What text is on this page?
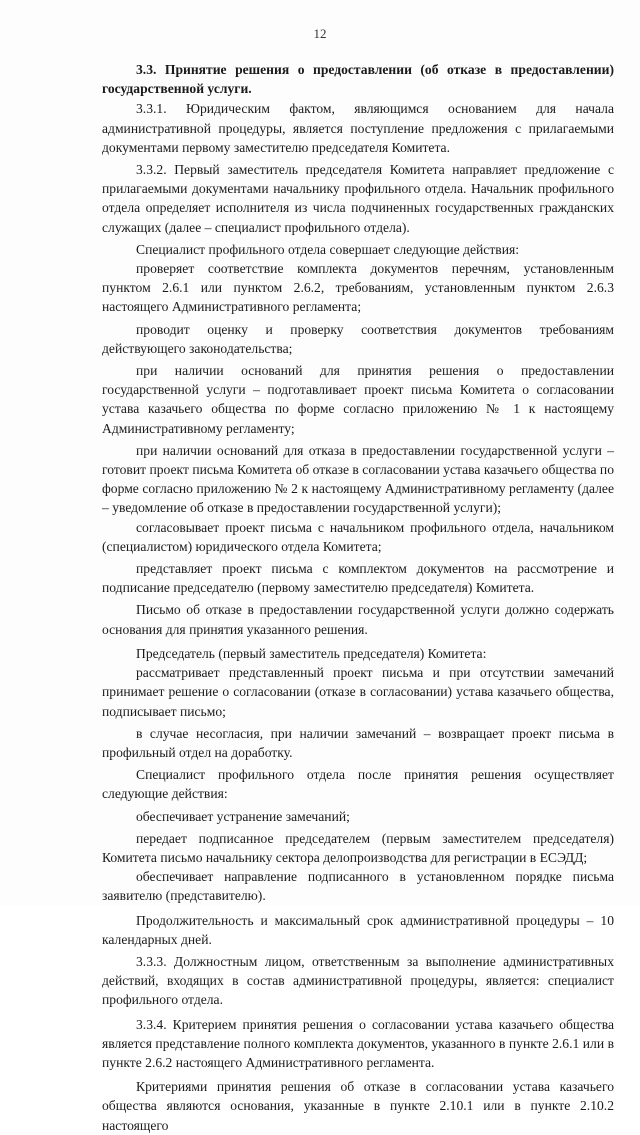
12
3.3. Принятие решения о предоставлении (об отказе в предоставлении) государственной услуги.

3.3.1. Юридическим фактом, являющимся основанием для начала административной процедуры, является поступление предложения с прилагаемыми документами первому заместителю председателя Комитета.

3.3.2. Первый заместитель председателя Комитета направляет предложение с прилагаемыми документами начальнику профильного отдела. Начальник профильного отдела определяет исполнителя из числа подчиненных государственных гражданских служащих (далее – специалист профильного отдела).

Специалист профильного отдела совершает следующие действия:

проверяет соответствие комплекта документов перечням, установленным пунктом 2.6.1 или пунктом 2.6.2, требованиям, установленным пунктом 2.6.3 настоящего Административного регламента;

проводит оценку и проверку соответствия документов требованиям действующего законодательства;

при наличии оснований для принятия решения о предоставлении государственной услуги – подготавливает проект письма Комитета о согласовании устава казачьего общества по форме согласно приложению № 1 к настоящему Административному регламенту;

при наличии оснований для отказа в предоставлении государственной услуги – готовит проект письма Комитета об отказе в согласовании устава казачьего общества по форме согласно приложению № 2 к настоящему Административному регламенту (далее – уведомление об отказе в предоставлении государственной услуги);

согласовывает проект письма с начальником профильного отдела, начальником (специалистом) юридического отдела Комитета;

представляет проект письма с комплектом документов на рассмотрение и подписание председателю (первому заместителю председателя) Комитета.

Письмо об отказе в предоставлении государственной услуги должно содержать основания для принятия указанного решения.

Председатель (первый заместитель председателя) Комитета:

рассматривает представленный проект письма и при отсутствии замечаний принимает решение о согласовании (отказе в согласовании) устава казачьего общества, подписывает письмо;

в случае несогласия, при наличии замечаний – возвращает проект письма в профильный отдел на доработку.

Специалист профильного отдела после принятия решения осуществляет следующие действия:

обеспечивает устранение замечаний;

передает подписанное председателем (первым заместителем председателя) Комитета письмо начальнику сектора делопроизводства для регистрации в ЕСЭДД;

обеспечивает направление подписанного в установленном порядке письма заявителю (представителю).

Продолжительность и максимальный срок административной процедуры – 10 календарных дней.

3.3.3. Должностным лицом, ответственным за выполнение административных действий, входящих в состав административной процедуры, является: специалист профильного отдела.

3.3.4. Критерием принятия решения о согласовании устава казачьего общества является представление полного комплекта документов, указанного в пункте 2.6.1 или в пункте 2.6.2 настоящего Административного регламента.

Критериями принятия решения об отказе в согласовании устава казачьего общества являются основания, указанные в пункте 2.10.1 или в пункте 2.10.2 настоящего
